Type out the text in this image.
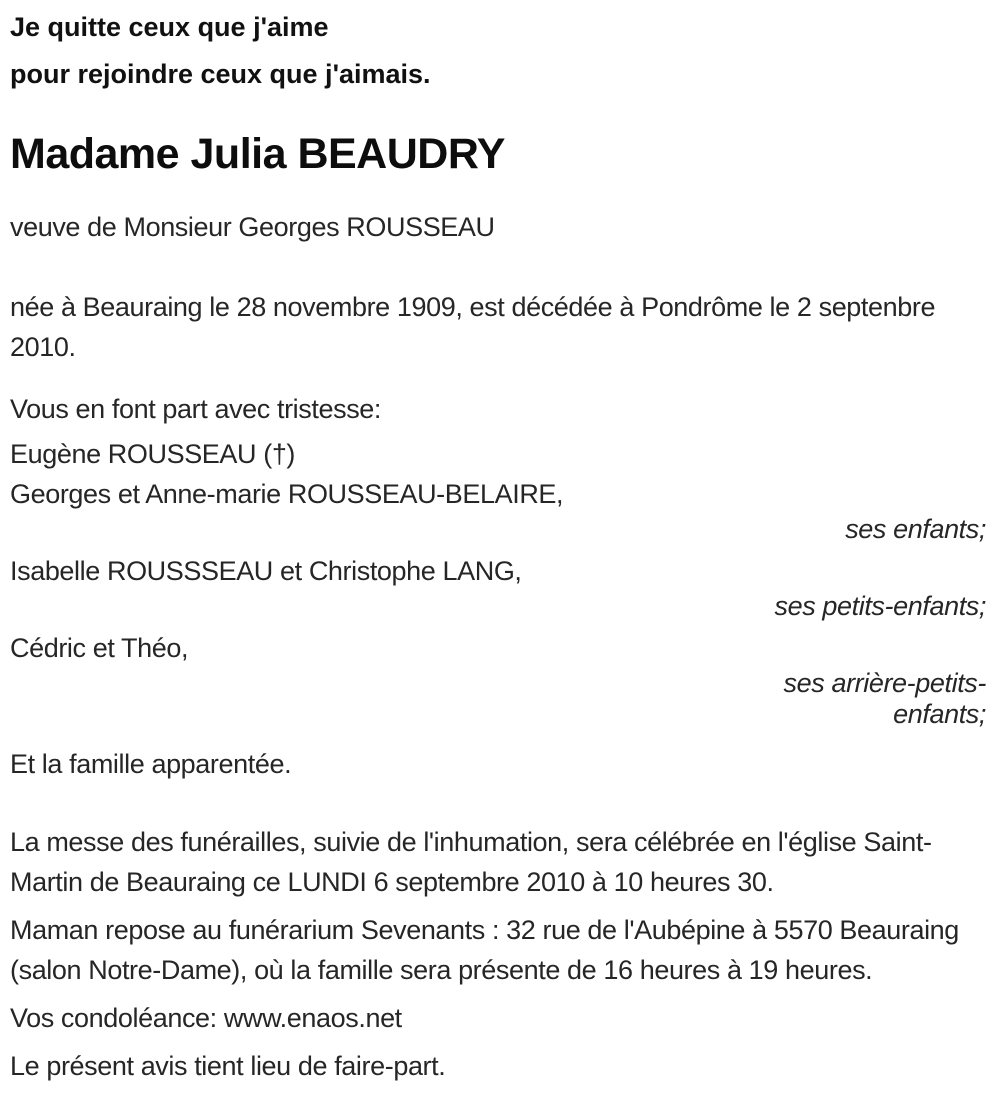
Je quitte ceux que j'aime

pour rejoindre ceux que j'aimais.

Madame Julia BEAUDRY

veuve de Monsieur Georges ROUSSEAU

née à Beauraing le 28 novembre 1909, est décédée à Pondrôme le 2 septenbre 2010.

Vous en font part avec tristesse:

Eugène ROUSSEAU (†)

Georges et Anne-marie ROUSSEAU-BELAIRE,

ses enfants;

Isabelle ROUSSSEAU et Christophe LANG,

ses petits-enfants;

Cédric et Théo,

ses arrière-petits-enfants;

Et la famille apparentée.

La messe des funérailles, suivie de l'inhumation, sera célébrée en l'église Saint-Martin de Beauraing ce LUNDI 6 septembre 2010 à 10 heures 30.

Maman repose au funérarium Sevenants : 32 rue de l'Aubépine à 5570 Beauraing (salon Notre-Dame), où la famille sera présente de 16 heures à 19 heures.

Vos condoléance: www.enaos.net

Le présent avis tient lieu de faire-part.
